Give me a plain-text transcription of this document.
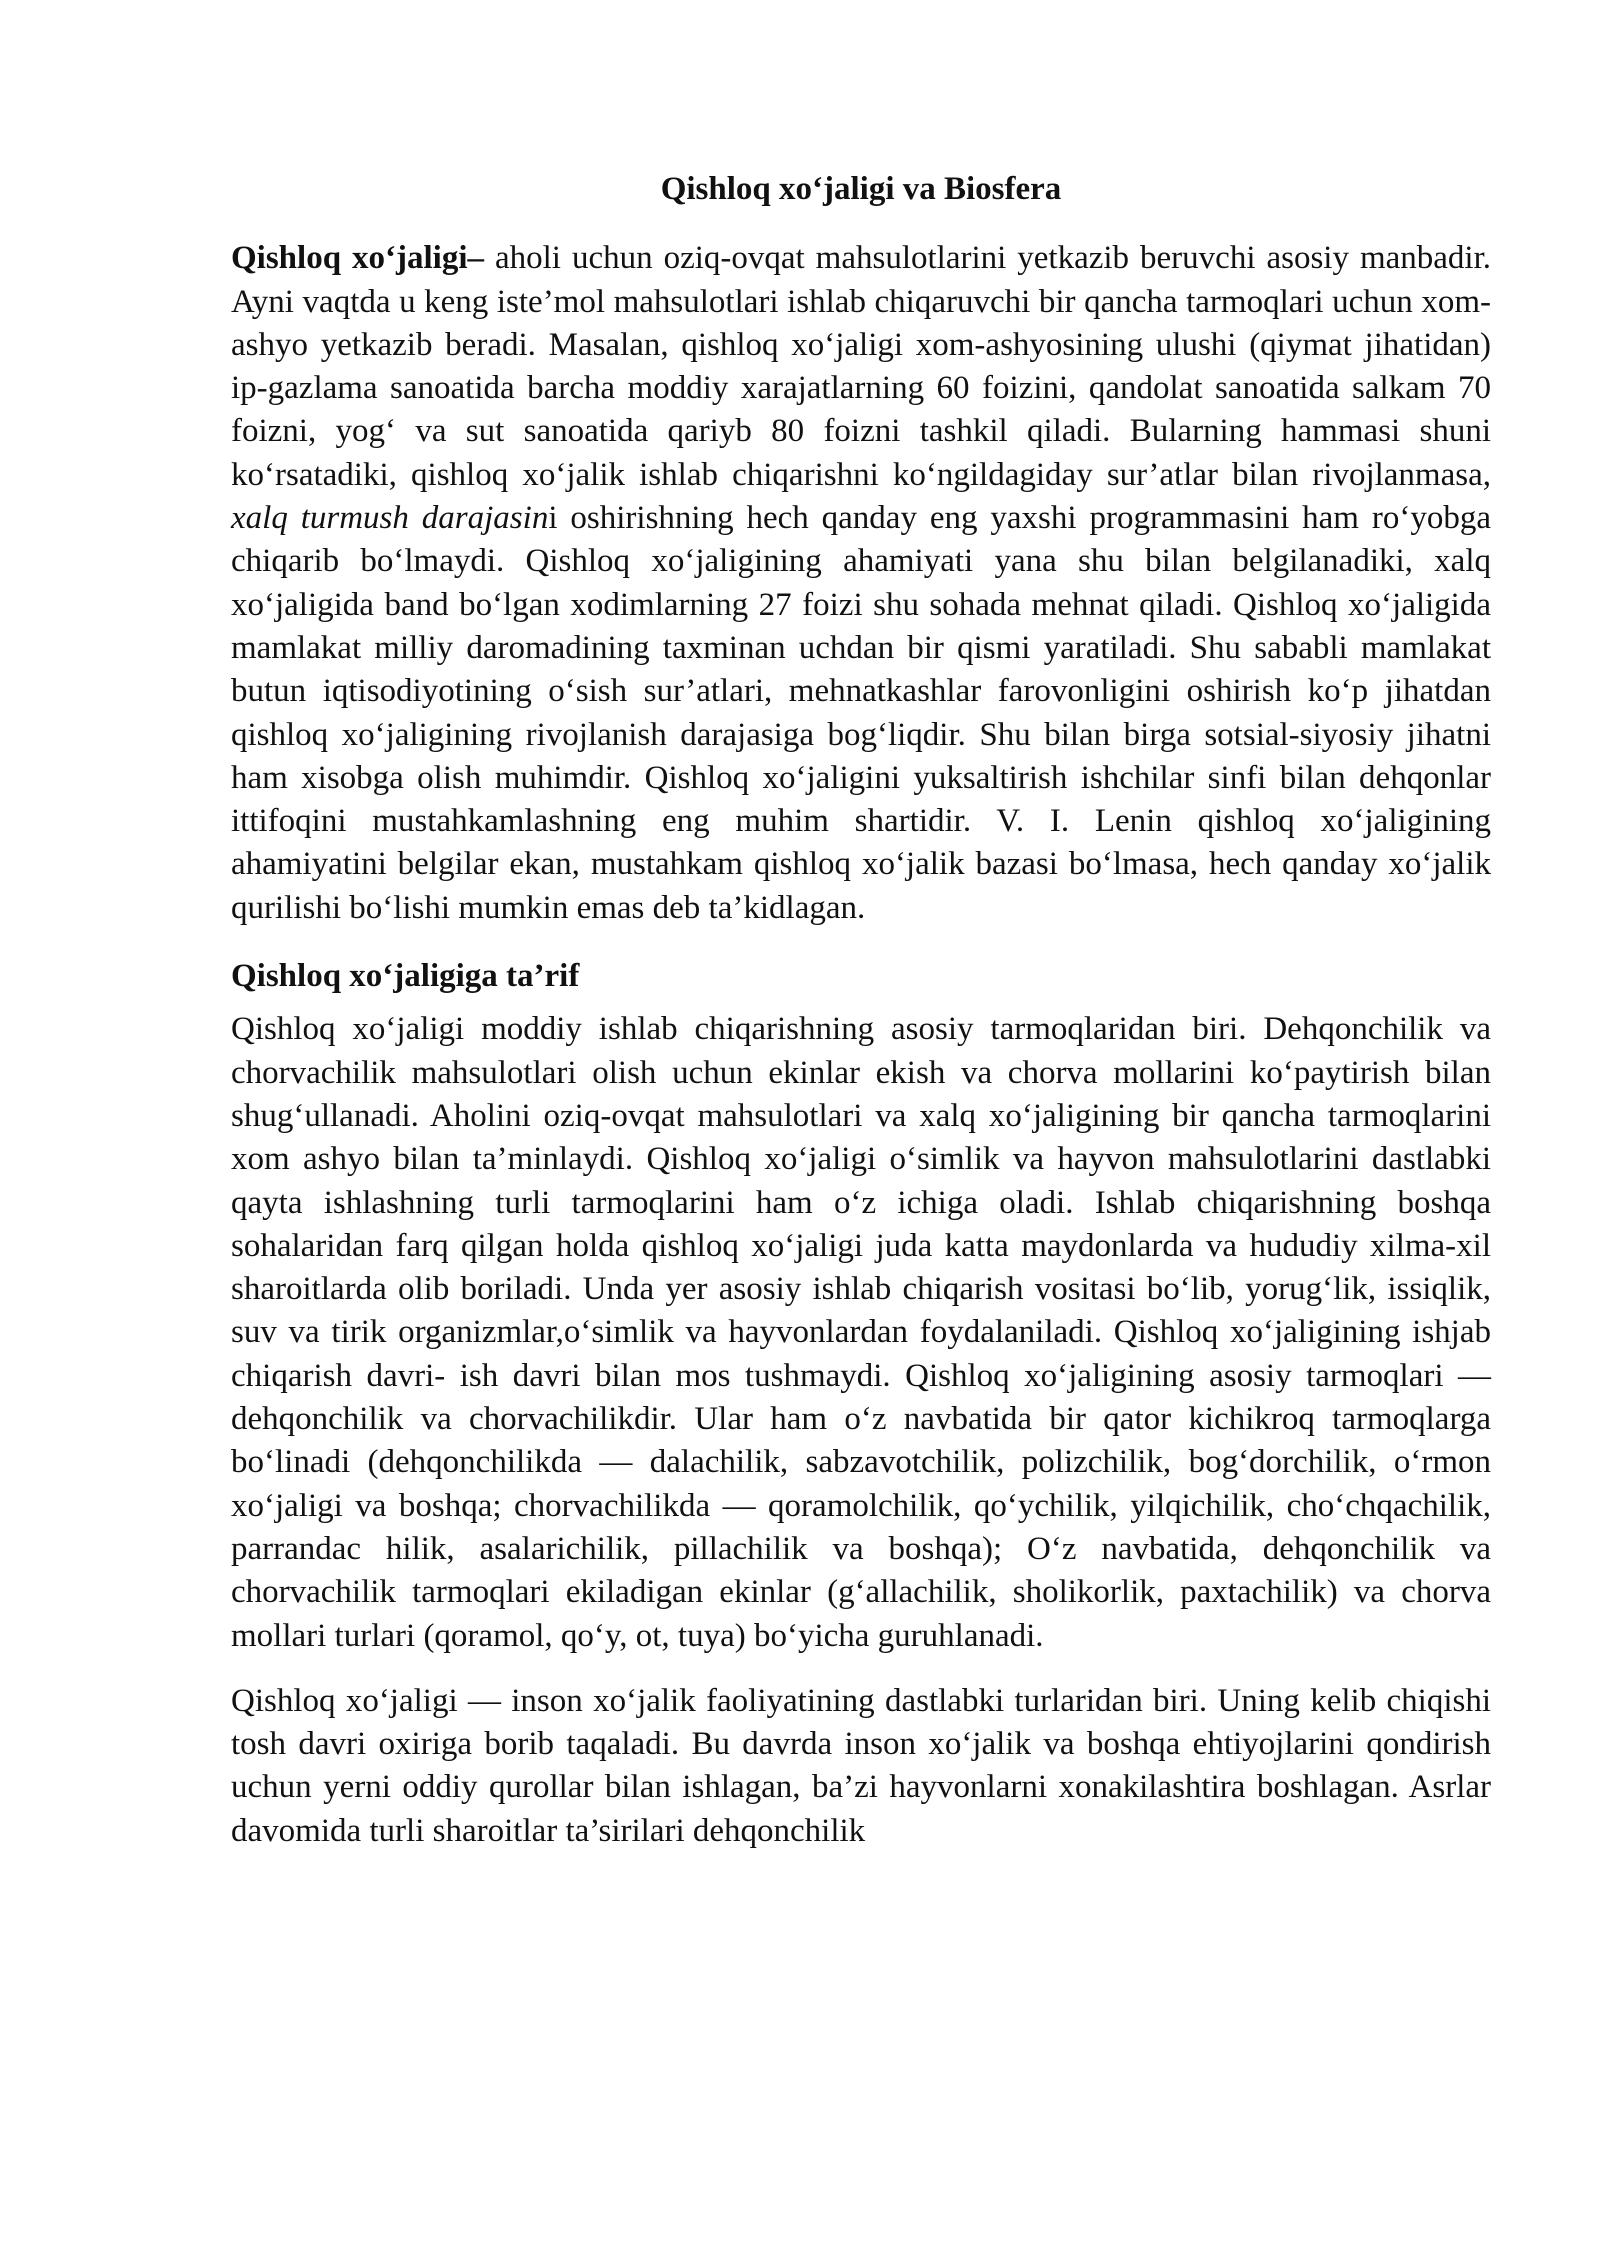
Qishloq xo‘jaligi va Biosfera

Qishloq xo‘jaligi– aholi uchun oziq-ovqat mahsulotlarini yetkazib beruvchi asosiy manbadir. Ayni vaqtda u keng iste’mol mahsulotlari ishlab chiqaruvchi bir qancha tarmoqlari uchun xom-ashyo yetkazib beradi. Masalan, qishloq xo‘jaligi xom-ashyosining ulushi (qiymat jihatidan) ip-gazlama sanoatida barcha moddiy xarajatlarning 60 foizini, qandolat sanoatida salkam 70 foizni, yog‘ va sut sanoatida qariyb 80 foizni tashkil qiladi. Bularning hammasi shuni ko‘rsatadiki, qishloq xo‘jalik ishlab chiqarishni ko‘ngildagiday sur’atlar bilan rivojlanmasa, xalq turmush darajasini oshirishning hech qanday eng yaxshi programmasini ham ro‘yobga chiqarib bo‘lmaydi. Qishloq xo‘jaligining ahamiyati yana shu bilan belgilanadiki, xalq xo‘jaligida band bo‘lgan xodimlarning 27 foizi shu sohada mehnat qiladi. Qishloq xo‘jaligida mamlakat milliy daromadining taxminan uchdan bir qismi yaratiladi. Shu sababli mamlakat butun iqtisodiyotining o‘sish sur’atlari, mehnatkashlar farovonligini oshirish ko‘p jihatdan qishloq xo‘jaligining rivojlanish darajasiga bog‘liqdir. Shu bilan birga sotsial-siyosiy jihatni ham xisobga olish muhimdir. Qishloq xo‘jaligini yuksaltirish ishchilar sinfi bilan dehqonlar ittifoqini mustahkamlashning eng muhim shartidir. V. I. Lenin qishloq xo‘jaligining ahamiyatini belgilar ekan, mustahkam qishloq xo‘jalik bazasi bo‘lmasa, hech qanday xo‘jalik qurilishi bo‘lishi mumkin emas deb ta’kidlagan.

Qishloq xo‘jaligiga ta’rif

Qishloq xo‘jaligi moddiy ishlab chiqarishning asosiy tarmoqlaridan biri. Dehqonchilik va chorvachilik mahsulotlari olish uchun ekinlar ekish va chorva mollarini ko‘paytirish bilan shug‘ullanadi. Aholini oziq-ovqat mahsulotlari va xalq xo‘jaligining bir qancha tarmoqlarini xom ashyo bilan ta’minlaydi. Qishloq xo‘jaligi o‘simlik va hayvon mahsulotlarini dastlabki qayta ishlashning turli tarmoqlarini ham o‘z ichiga oladi. Ishlab chiqarishning boshqa sohalaridan farq qilgan holda qishloq xo‘jaligi juda katta maydonlarda va hududiy xilma-xil sharoitlarda olib boriladi. Unda yer asosiy ishlab chiqarish vositasi bo‘lib, yorug‘lik, issiqlik, suv va tirik organizmlar,o‘simlik va hayvonlardan foydalaniladi. Qishloq xo‘jaligining ishjab chiqarish davri- ish davri bilan mos tushmaydi. Qishloq xo‘jaligining asosiy tarmoqlari — dehqonchilik va chorvachilikdir. Ular ham o‘z navbatida bir qator kichikroq tarmoqlarga bo‘linadi (dehqonchilikda — dalachilik, sabzavotchilik, polizchilik, bog‘dorchilik, o‘rmon xo‘jaligi va boshqa; chorvachilikda — qoramolchilik, qo‘ychilik, yilqichilik, cho‘chqachilik, parrandac hilik, asalarichilik, pillachilik va boshqa); O‘z navbatida, dehqonchilik va chorvachilik tarmoqlari ekiladigan ekinlar (g‘allachilik, sholikorlik, paxtachilik) va chorva mollari turlari (qoramol, qo‘y, ot, tuya) bo‘yicha guruhlanadi.

Qishloq xo‘jaligi — inson xo‘jalik faoliyatining dastlabki turlaridan biri. Uning kelib chiqishi tosh davri oxiriga borib taqaladi. Bu davrda inson xo‘jalik va boshqa ehtiyojlarini qondirish uchun yerni oddiy qurollar bilan ishlagan, ba’zi hayvonlarni xonakilashtira boshlagan. Asrlar davomida turli sharoitlar ta’sirilari dehqonchilik
